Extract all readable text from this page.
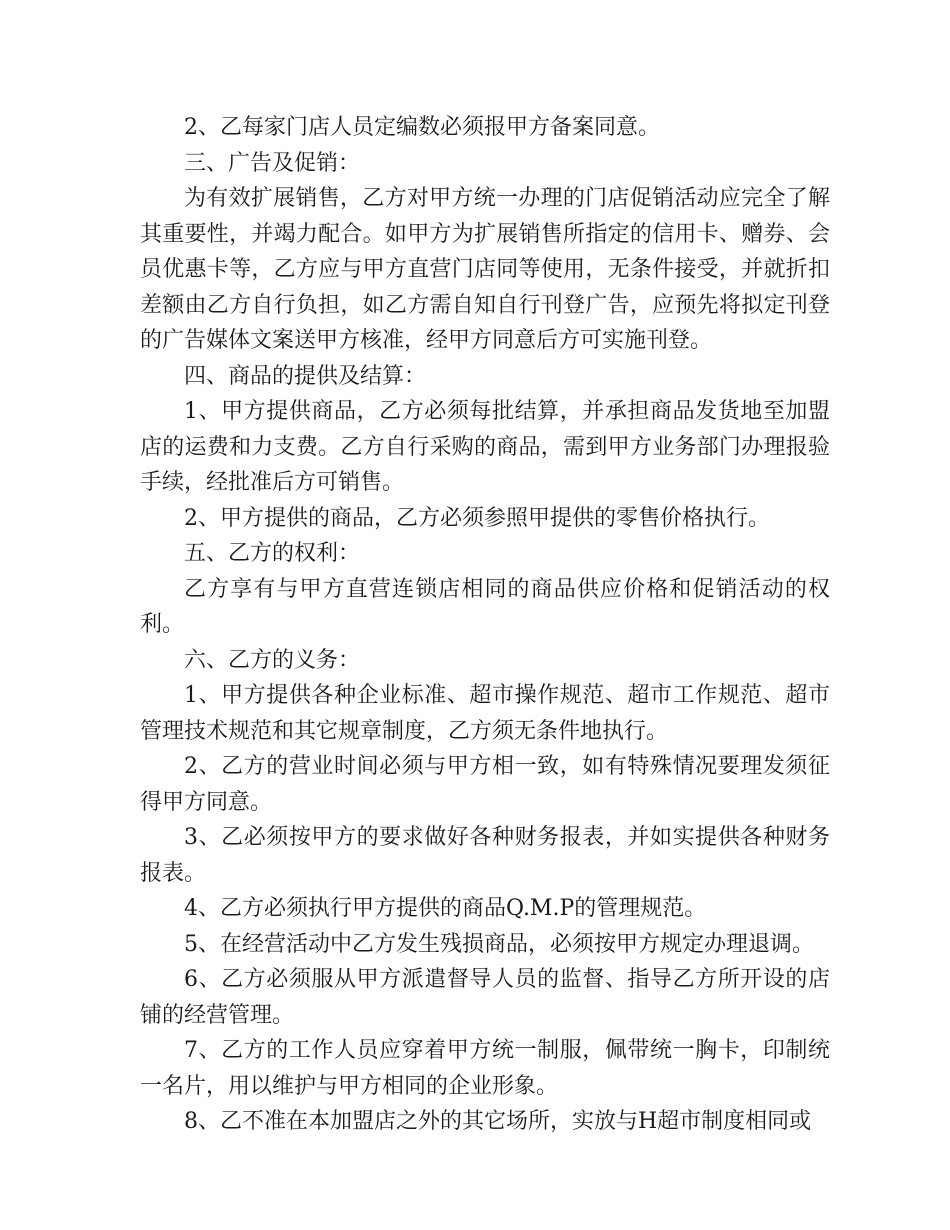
2、乙每家门店人员定编数必须报甲方备案同意。

三、广告及促销：

为有效扩展销售，乙方对甲方统一办理的门店促销活动应完全了解其重要性，并竭力配合。如甲方为扩展销售所指定的信用卡、赠券、会员优惠卡等，乙方应与甲方直营门店同等使用，无条件接受，并就折扣差额由乙方自行负担，如乙方需自知自行刊登广告，应预先将拟定刊登的广告媒体文案送甲方核准，经甲方同意后方可实施刊登。

四、商品的提供及结算：

1、甲方提供商品，乙方必须每批结算，并承担商品发货地至加盟店的运费和力支费。乙方自行采购的商品，需到甲方业务部门办理报验手续，经批准后方可销售。

2、甲方提供的商品，乙方必须参照甲提供的零售价格执行。

五、乙方的权利：

乙方享有与甲方直营连锁店相同的商品供应价格和促销活动的权利。

六、乙方的义务：

1、甲方提供各种企业标准、超市操作规范、超市工作规范、超市管理技术规范和其它规章制度，乙方须无条件地执行。

2、乙方的营业时间必须与甲方相一致，如有特殊情况要理发须征得甲方同意。

3、乙必须按甲方的要求做好各种财务报表，并如实提供各种财务报表。

4、乙方必须执行甲方提供的商品Q.M.P的管理规范。

5、在经营活动中乙方发生残损商品，必须按甲方规定办理退调。

6、乙方必须服从甲方派遣督导人员的监督、指导乙方所开设的店铺的经营管理。

7、乙方的工作人员应穿着甲方统一制服，佩带统一胸卡，印制统一名片，用以维护与甲方相同的企业形象。

8、乙不准在本加盟店之外的其它场所，实放与H超市制度相同或
